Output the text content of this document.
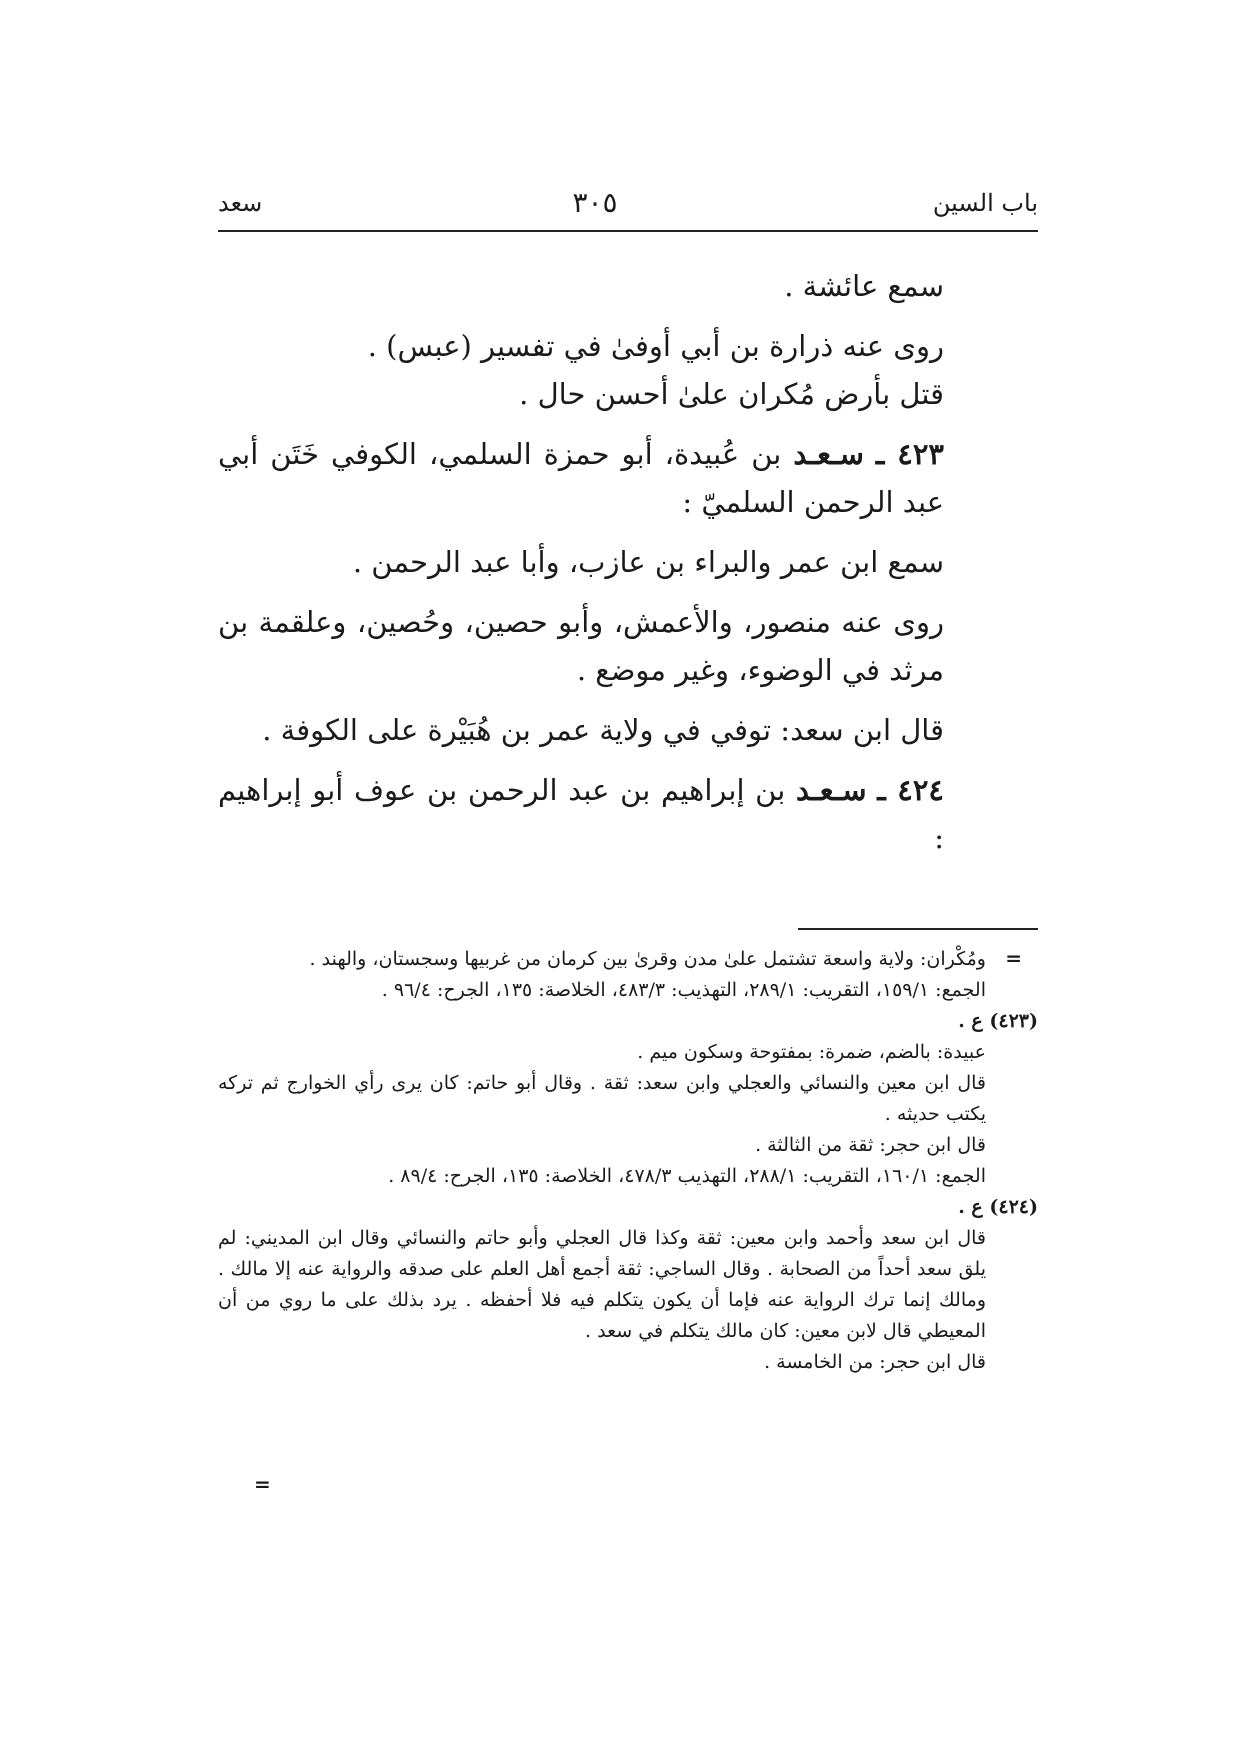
باب السين
٣٠٥
سعد

سمع عائشة .

روى عنه ذرارة بن أبي أوفىٰ في تفسير (عبس) .

قتل بأرض مُكران علىٰ أحسن حال .

٤٢٣ ـ سـعـد بن عُبيدة، أبو حمزة السلمي، الكوفي خَتَن أبي عبد الرحمن السلميّ :

سمع ابن عمر والبراء بن عازب، وأبا عبد الرحمن .

روى عنه منصور، والأعمش، وأبو حصين، وحُصين، وعلقمة بن مرثد في الوضوء، وغير موضع .

قال ابن سعد: توفي في ولاية عمر بن هُبَيْرة على الكوفة .

٤٢٤ ـ سـعـد بن إبراهيم بن عبد الرحمن بن عوف أبو إبراهيم :

=

ومُكْران: ولاية واسعة تشتمل علىٰ مدن وقرىٰ بين كرمان من غربيها وسجستان، والهند .

الجمع: ١٥٩/١، التقريب: ٢٨٩/١، التهذيب: ٤٨٣/٣، الخلاصة: ١٣٥، الجرح: ٩٦/٤ .

(٤٢٣) ع .

عبيدة: بالضم، ضمرة: بمفتوحة وسكون ميم .

قال ابن معين والنسائي والعجلي وابن سعد: ثقة . وقال أبو حاتم: كان يرى رأي الخوارج ثم تركه يكتب حديثه .

قال ابن حجر: ثقة من الثالثة .

الجمع: ١٦٠/١، التقريب: ٢٨٨/١، التهذيب ٤٧٨/٣، الخلاصة: ١٣٥، الجرح: ٨٩/٤ .

(٤٢٤) ع .

قال ابن سعد وأحمد وابن معين: ثقة وكذا قال العجلي وأبو حاتم والنسائي وقال ابن المديني: لم يلق سعد أحداً من الصحابة . وقال الساجي: ثقة أجمع أهل العلم على صدقه والرواية عنه إلا مالك . ومالك إنما ترك الرواية عنه فإما أن يكون يتكلم فيه فلا أحفظه . يرد بذلك على ما روي من أن المعيطي قال لابن معين: كان مالك يتكلم في سعد .

قال ابن حجر: من الخامسة .

=
